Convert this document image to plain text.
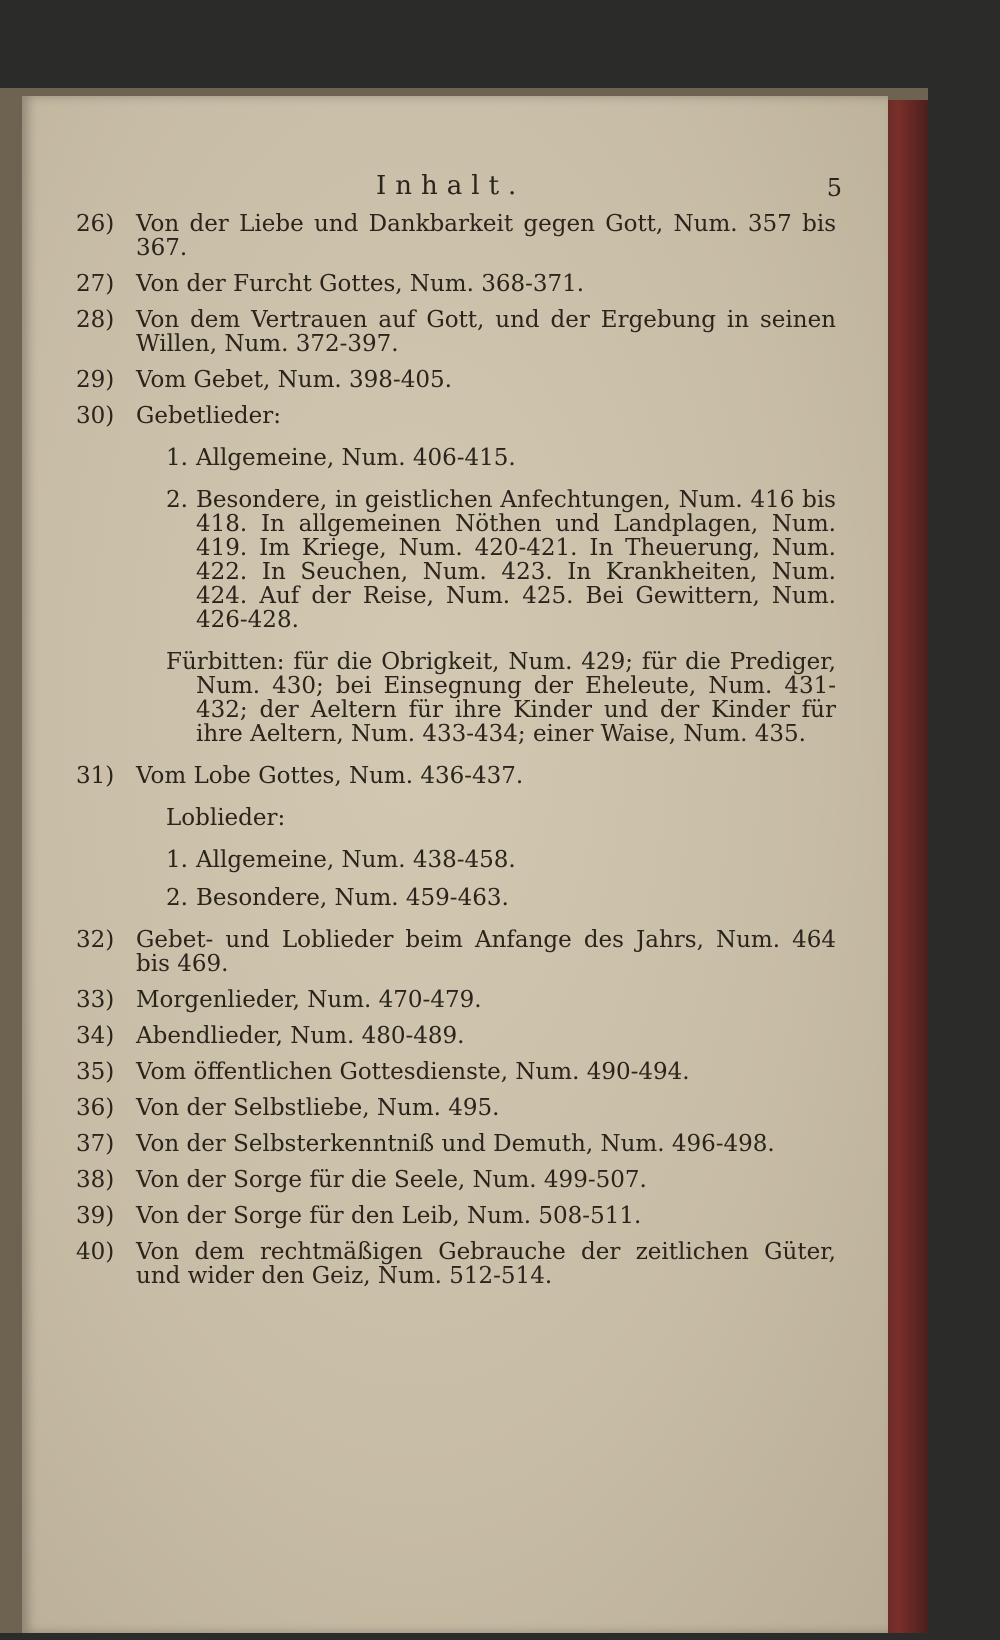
Inhalt.	5
26) Von der Liebe und Dankbarkeit gegen Gott, Num. 357 bis 367.
27) Von der Furcht Gottes, Num. 368-371.
28) Von dem Vertrauen auf Gott, und der Ergebung in seinen Willen, Num. 372-397.
29) Vom Gebet, Num. 398-405.
30) Gebetlieder:
1. Allgemeine, Num. 406-415.
2. Besondere, in geistlichen Anfechtungen, Num. 416 bis 418. In allgemeinen Nöthen und Landplagen, Num. 419. Im Kriege, Num. 420-421. In Theuerung, Num. 422. In Seuchen, Num. 423. In Krankheiten, Num. 424. Auf der Reise, Num. 425. Bei Gewittern, Num. 426-428.
Fürbitten: für die Obrigkeit, Num. 429; für die Prediger, Num. 430; bei Einsegnung der Eheleute, Num. 431-432; der Aeltern für ihre Kinder und der Kinder für ihre Aeltern, Num. 433-434; einer Waise, Num. 435.
31) Vom Lobe Gottes, Num. 436-437.
Loblieder:
1. Allgemeine, Num. 438-458.
2. Besondere, Num. 459-463.
32) Gebet- und Loblieder beim Anfange des Jahrs, Num. 464 bis 469.
33) Morgenlieder, Num. 470-479.
34) Abendlieder, Num. 480-489.
35) Vom öffentlichen Gottesdienste, Num. 490-494.
36) Von der Selbstliebe, Num. 495.
37) Von der Selbsterkenntniß und Demuth, Num. 496-498.
38) Von der Sorge für die Seele, Num. 499-507.
39) Von der Sorge für den Leib, Num. 508-511.
40) Von dem rechtmäßigen Gebrauche der zeitlichen Güter, und wider den Geiz, Num. 512-514.
